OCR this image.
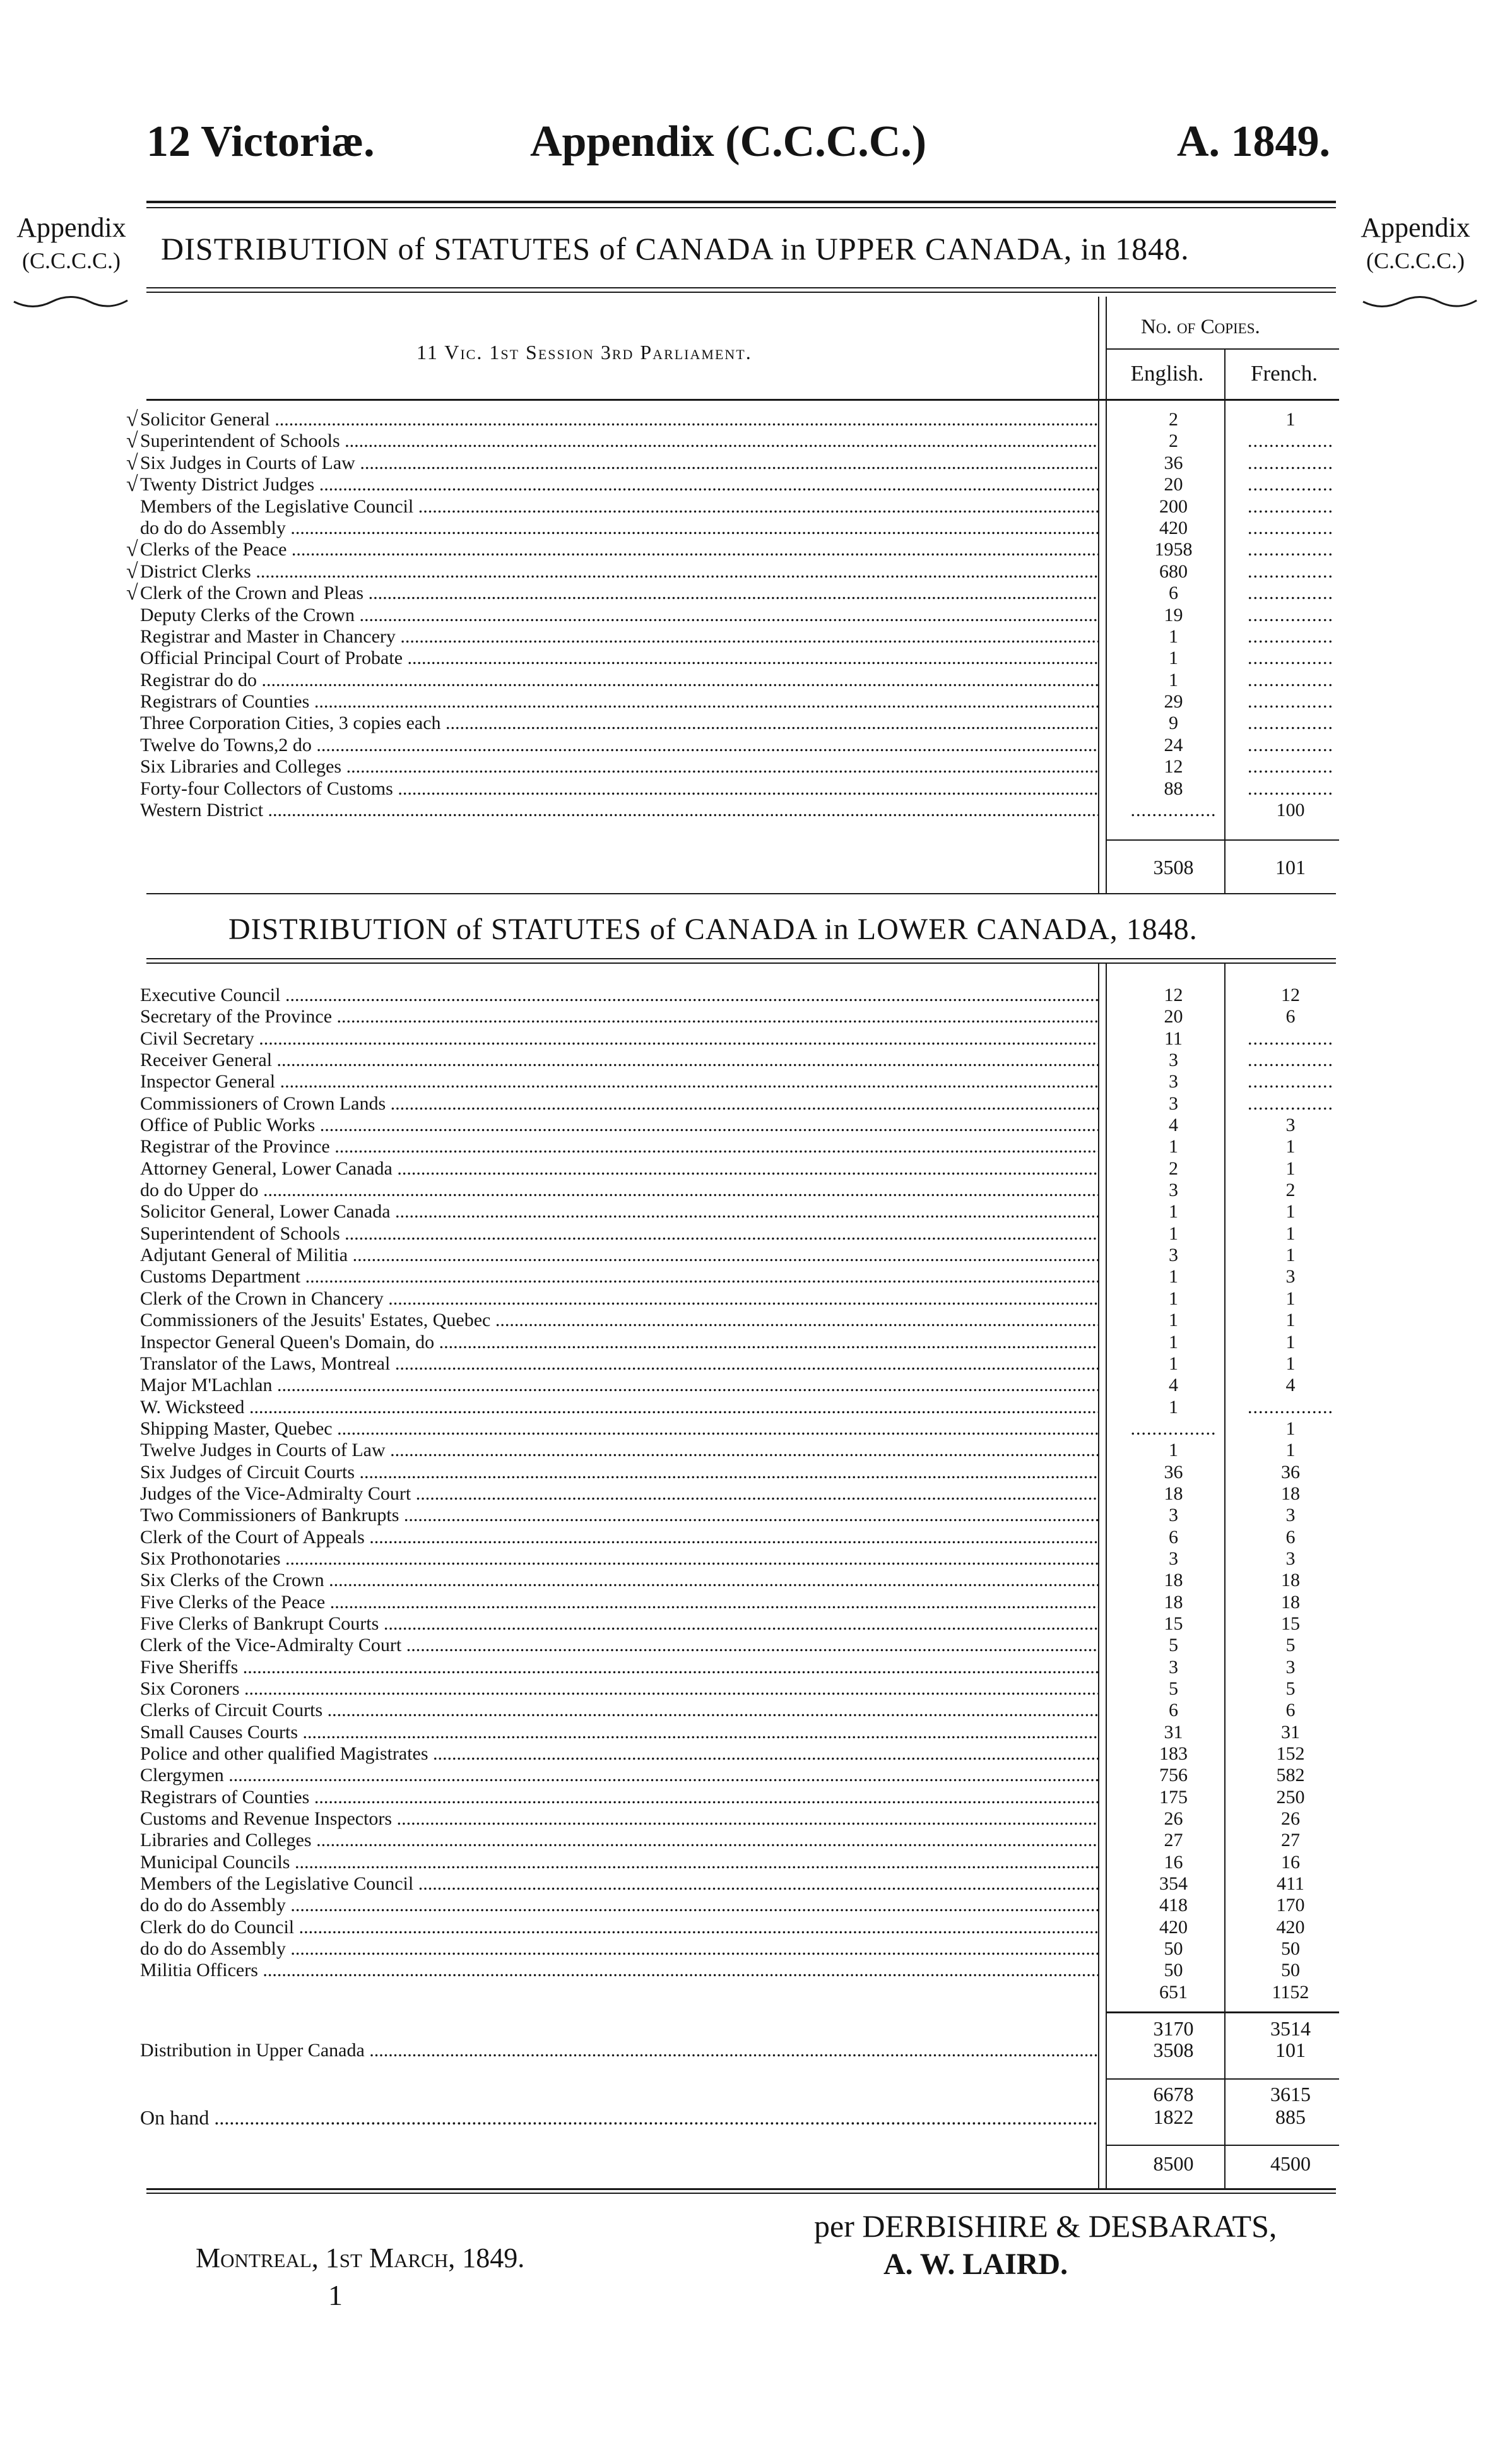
12 Victoriæ.	Appendix (C.C.C.C.)	A. 1849.
Appendix
(C.C.C.C.)
Appendix
(C.C.C.C.)
DISTRIBUTION of STATUTES of CANADA in UPPER CANADA, in 1848.
11 Vic. 1st Session 3rd Parliament.
No. of Copies.
English.	French.
√ Solicitor General .....	2	1
√ Superintendent of Schools .....	2	................
√ Six Judges in Courts of Law .....	36	................
√ Twenty District Judges .....	20	................
Members of the Legislative Council .....	200	................
do do do Assembly .....	420	................
√ Clerks of the Peace .....	1958	................
√ District Clerks .....	680	................
√ Clerk of the Crown and Pleas .....	6	................
Deputy Clerks of the Crown .....	19	................
Registrar and Master in Chancery .....	1	................
Official Principal Court of Probate .....	1	................
Registrar do do .....	1	................
Registrars of Counties .....	29	................
Three Corporation Cities, 3 copies each .....	9	................
Twelve do Towns,2 do .....	24	................
Six Libraries and Colleges .....	12	................
Forty-four Collectors of Customs .....	88	................
Western District .....	................	100
3508	101
DISTRIBUTION of STATUTES of CANADA in LOWER CANADA, 1848.
Executive Council .....	12	12
Secretary of the Province .....	20	6
Civil Secretary .....	11	................
Receiver General .....	3	................
Inspector General .....	3	................
Commissioners of Crown Lands .....	3	................
Office of Public Works .....	4	3
Registrar of the Province .....	1	1
Attorney General, Lower Canada .....	2	1
do do Upper do .....	3	2
Solicitor General, Lower Canada .....	1	1
Superintendent of Schools .....	1	1
Adjutant General of Militia .....	3	1
Customs Department .....	1	3
Clerk of the Crown in Chancery .....	1	1
Commissioners of the Jesuits' Estates, Quebec .....	1	1
Inspector General Queen's Domain, do .....	1	1
Translator of the Laws, Montreal .....	1	1
Major M'Lachlan .....	4	4
W. Wicksteed .....	1	................
Shipping Master, Quebec .....	................	1
Twelve Judges in Courts of Law .....	1	1
Six Judges of Circuit Courts .....	36	36
Judges of the Vice-Admiralty Court .....	18	18
Two Commissioners of Bankrupts .....	3	3
Clerk of the Court of Appeals .....	6	6
Six Prothonotaries .....	3	3
Six Clerks of the Crown .....	18	18
Five Clerks of the Peace .....	18	18
Five Clerks of Bankrupt Courts .....	15	15
Clerk of the Vice-Admiralty Court .....	5	5
Five Sheriffs .....	3	3
Six Coroners .....	5	5
Clerks of Circuit Courts .....	6	6
Small Causes Courts .....	31	31
Police and other qualified Magistrates .....	183	152
Clergymen .....	756	582
Registrars of Counties .....	175	250
Customs and Revenue Inspectors .....	26	26
Libraries and Colleges .....	27	27
Municipal Councils .....	16	16
Members of the Legislative Council .....	354	411
do do do Assembly .....	418	170
Clerk do do Council .....	420	420
do do do Assembly .....	50	50
Militia Officers .....	50	50
651	1152
3170	3514
Distribution in Upper Canada .....	3508	101
6678	3615
On hand .....	1822	885
8500	4500
per DERBISHIRE & DESBARATS,
A. W. LAIRD.
Montreal, 1st March, 1849.
1
